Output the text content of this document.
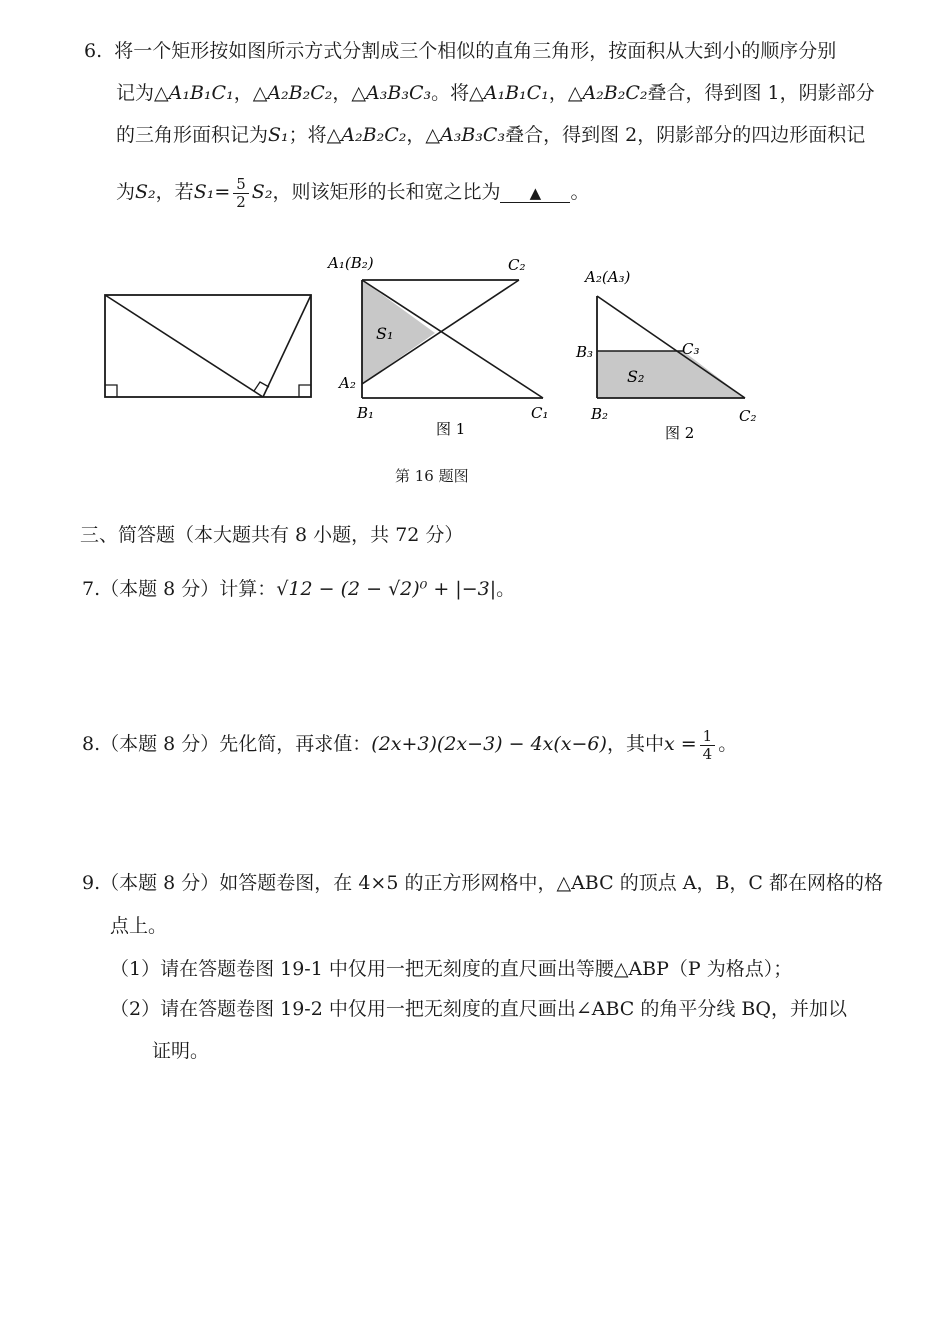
6. 将一个矩形按如图所示方式分割成三个相似的直角三角形，按面积从大到小的顺序分别
记为△A₁B₁C₁，△A₂B₂C₂，△A₃B₃C₃。将△A₁B₁C₁，△A₂B₂C₂叠合，得到图 1，阴影部分
的三角形面积记为S₁；将△A₂B₂C₂，△A₃B₃C₃叠合，得到图 2，阴影部分的四边形面积记
为S₂，若$S_1= \frac{5}{2} S_2$，则该矩形的长和宽之比为 ▲ 。
A₁(B₂)	C₂
S₁
A₂
B₁	C₁
图 1
A₂(A₃)
B₃	C₃
S₂
B₂	C₂
图 2
第 16 题图
三、简答题（本大题共有 8 小题，共 72 分）
7.（本题 8 分）计算：√12 − (2 − √2)⁰ + |−3|。
8.（本题 8 分）先化简，再求值：(2x+3)(2x−3) − 4x(x−6)，其中$x = \frac{1}{4}$ 。
9.（本题 8 分）如答题卷图，在 4×5 的正方形网格中，△ABC 的顶点 A，B，C 都在网格的格
点上。
（1）请在答题卷图 19-1 中仅用一把无刻度的直尺画出等腰△ABP（P 为格点）；
（2）请在答题卷图 19-2 中仅用一把无刻度的直尺画出∠ABC 的角平分线 BQ，并加以
证明。
